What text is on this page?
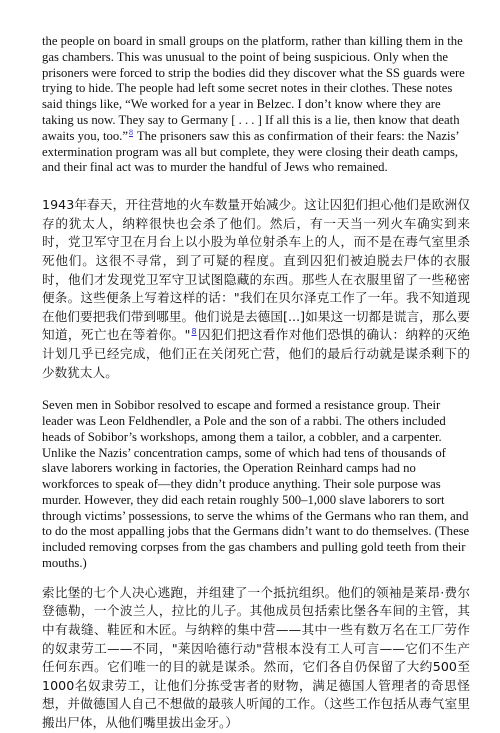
the people on board in small groups on the platform, rather than killing them in the gas chambers. This was unusual to the point of being suspicious. Only when the prisoners were forced to strip the bodies did they discover what the SS guards were trying to hide. The people had left some secret notes in their clothes. These notes said things like, “We worked for a year in Belzec. I don’t know where they are taking us now. They say to Germany [ . . . ] If all this is a lie, then know that death awaits you, too.”$^8$ The prisoners saw this as confirmation of their fears: the Nazis’ extermination program was all but complete, they were closing their death camps, and their final act was to murder the handful of Jews who remained.

1943年春天，开往营地的火车数量开始减少。这让囚犯们担心他们是欧洲仅存的犹太人，纳粹很快也会杀了他们。然后，有一天当一列火车确实到来时，党卫军守卫在月台上以小股为单位射杀车上的人，而不是在毒气室里杀死他们。这很不寻常，到了可疑的程度。直到囚犯们被迫脱去尸体的衣服时，他们才发现党卫军守卫试图隐藏的东西。那些人在衣服里留了一些秘密便条。这些便条上写着这样的话："我们在贝尔泽克工作了一年。我不知道现在他们要把我们带到哪里。他们说是去德国[...]如果这一切都是谎言，那么要知道，死亡也在等着你。"$^8$囚犯们把这看作对他们恐惧的确认：纳粹的灭绝计划几乎已经完成，他们正在关闭死亡营，他们的最后行动就是谋杀剩下的少数犹太人。

Seven men in Sobibor resolved to escape and formed a resistance group. Their leader was Leon Feldhendler, a Pole and the son of a rabbi. The others included heads of Sobibor’s workshops, among them a tailor, a cobbler, and a carpenter. Unlike the Nazis’ concentration camps, some of which had tens of thousands of slave laborers working in factories, the Operation Reinhard camps had no workforces to speak of—they didn’t produce anything. Their sole purpose was murder. However, they did each retain roughly 500–1,000 slave laborers to sort through victims’ possessions, to serve the whims of the Germans who ran them, and to do the most appalling jobs that the Germans didn’t want to do themselves. (These included removing corpses from the gas chambers and pulling gold teeth from their mouths.)

索比堡的七个人决心逃跑，并组建了一个抵抗组织。他们的领袖是莱昂·费尔登德勒，一个波兰人，拉比的儿子。其他成员包括索比堡各车间的主管，其中有裁缝、鞋匠和木匠。与纳粹的集中营——其中一些有数万名在工厂劳作的奴隶劳工——不同，"莱因哈德行动"营根本没有工人可言——它们不生产任何东西。它们唯一的目的就是谋杀。然而，它们各自仍保留了大约500至1000名奴隶劳工，让他们分拣受害者的财物，满足德国人管理者的奇思怪想，并做德国人自己不想做的最骇人听闻的工作。（这些工作包括从毒气室里搬出尸体，从他们嘴里拔出金牙。）
